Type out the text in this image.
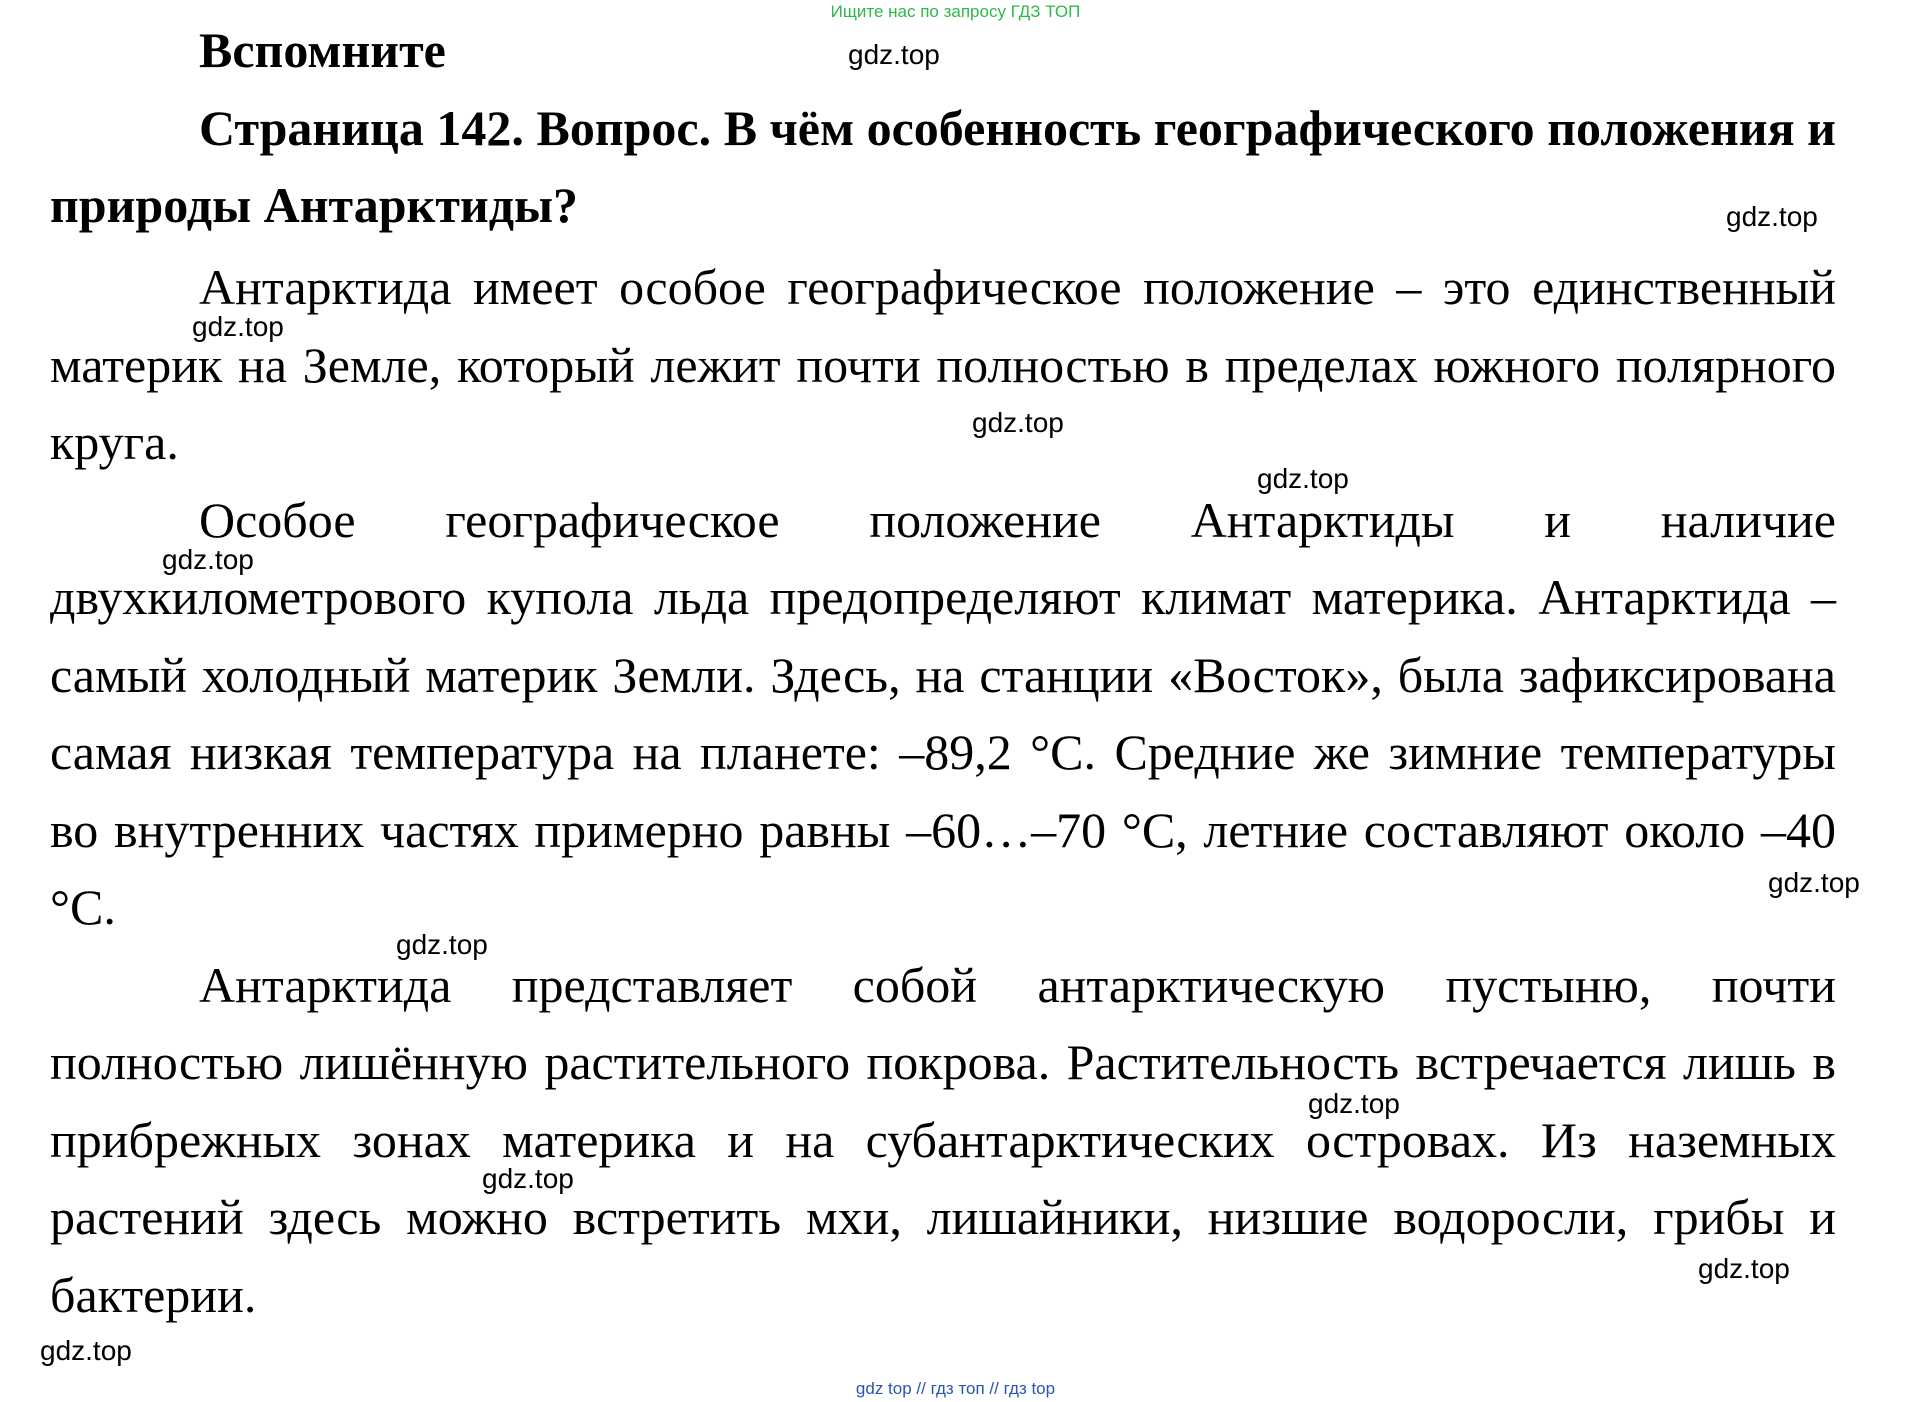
Ищите нас по запросу ГДЗ ТОП
Вспомните
Страница 142. Вопрос. В чём особенность географического положения и природы Антарктиды?

Антарктида имеет особое географическое положение – это единственный материк на Земле, который лежит почти полностью в пределах южного полярного круга.

Особое географическое положение Антарктиды и наличие двухкилометрового купола льда предопределяют климат материка. Антарктида – самый холодный материк Земли. Здесь, на станции «Восток», была зафиксирована самая низкая температура на планете: –89,2 °С. Средние же зимние температуры во внутренних частях примерно равны –60…–70 °С, летние составляют около –40 °С.

Антарктида представляет собой антарктическую пустыню, почти полностью лишённую растительного покрова. Растительность встречается лишь в прибрежных зонах материка и на субантарктических островах. Из наземных растений здесь можно встретить мхи, лишайники, низшие водоросли, грибы и бактерии.

gdz.top
gdz.top
gdz.top
gdz.top
gdz.top
gdz.top
gdz.top
gdz.top
gdz.top
gdz.top
gdz.top
gdz.top
gdz top // гдз топ // гдз top
